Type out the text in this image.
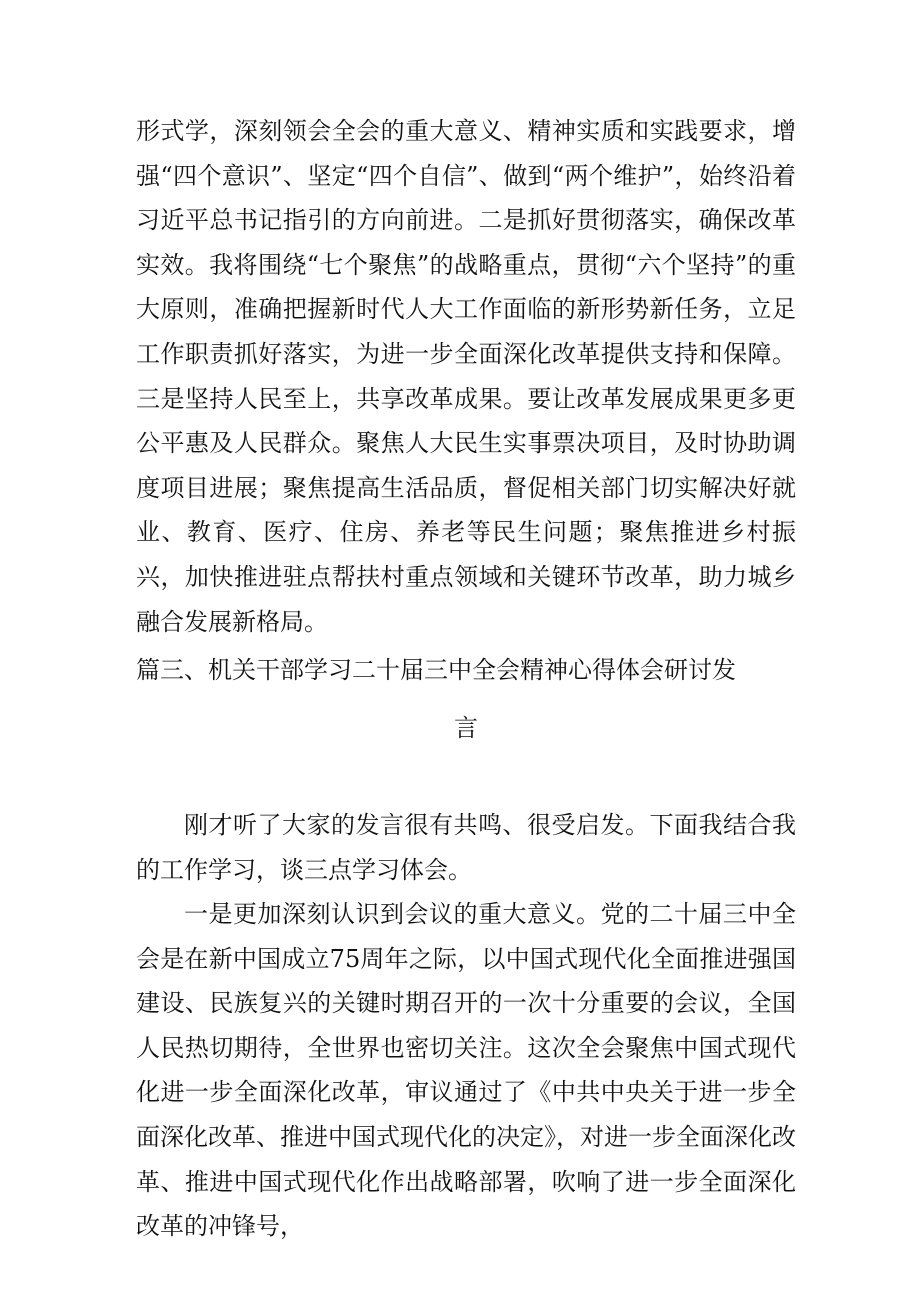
形式学，深刻领会全会的重大意义、精神实质和实践要求，增强“四个意识”、坚定“四个自信”、做到“两个维护”，始终沿着习近平总书记指引的方向前进。二是抓好贯彻落实，确保改革实效。我将围绕“七个聚焦”的战略重点，贯彻“六个坚持”的重大原则，准确把握新时代人大工作面临的新形势新任务，立足工作职责抓好落实，为进一步全面深化改革提供支持和保障。三是坚持人民至上，共享改革成果。要让改革发展成果更多更公平惠及人民群众。聚焦人大民生实事票决项目，及时协助调度项目进展；聚焦提高生活品质，督促相关部门切实解决好就业、教育、医疗、住房、养老等民生问题；聚焦推进乡村振兴，加快推进驻点帮扶村重点领域和关键环节改革，助力城乡融合发展新格局。

篇三、机关干部学习二十届三中全会精神心得体会研讨发
言

刚才听了大家的发言很有共鸣、很受启发。下面我结合我的工作学习，谈三点学习体会。

一是更加深刻认识到会议的重大意义。党的二十届三中全会是在新中国成立75周年之际，以中国式现代化全面推进强国建设、民族复兴的关键时期召开的一次十分重要的会议，全国人民热切期待，全世界也密切关注。这次全会聚焦中国式现代化进一步全面深化改革，审议通过了《中共中央关于进一步全面深化改革、推进中国式现代化的决定》，对进一步全面深化改革、推进中国式现代化作出战略部署，吹响了进一步全面深化改革的冲锋号，
